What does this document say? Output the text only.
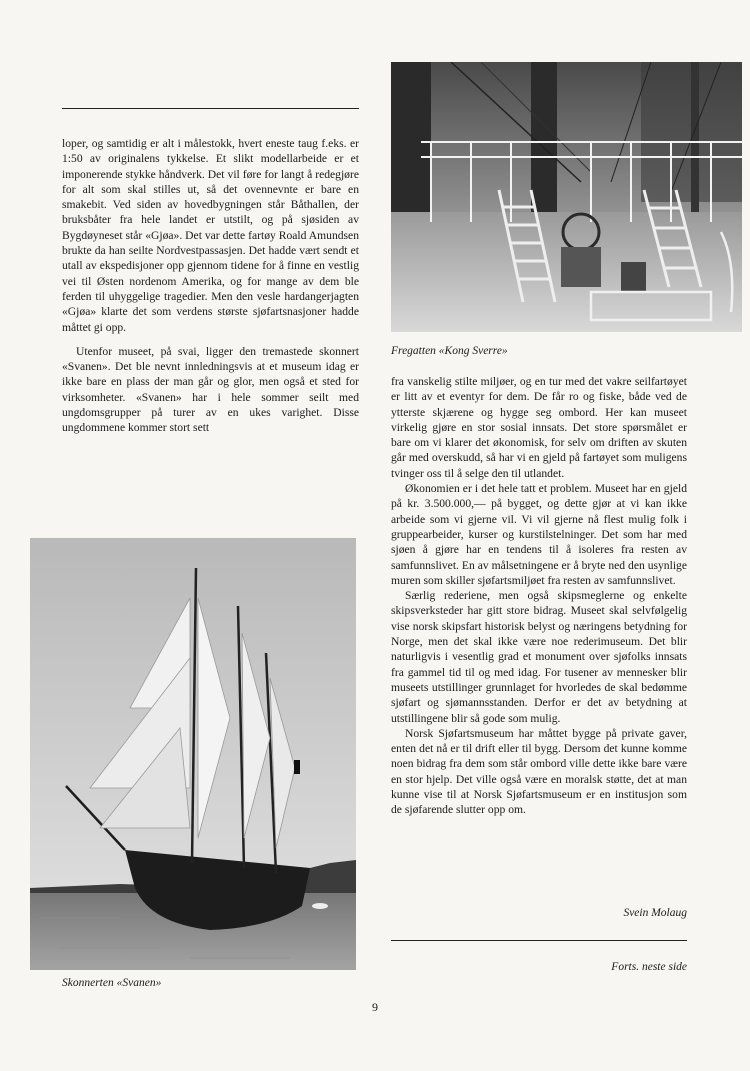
loper, og samtidig er alt i målestokk, hvert eneste taug f.eks. er 1:50 av originalens tykkelse. Et slikt modellarbeide er et imponerende stykke håndverk. Det vil føre for langt å redegjøre for alt som skal stilles ut, så det ovennevnte er bare en smakebit. Ved siden av hovedbygningen står Båthallen, der bruksbåter fra hele landet er utstilt, og på sjøsiden av Bygdøyneset står «Gjøa». Det var dette fartøy Roald Amundsen brukte da han seilte Nordvestpassasjen. Det hadde vært sendt et utall av ekspedisjoner opp gjennom tidene for å finne en vestlig vei til Østen nordenom Amerika, og for mange av dem ble ferden til uhyggelige tragedier. Men den vesle hardangerjagten «Gjøa» klarte det som verdens største sjøfartsnasjoner hadde måttet gi opp.

Utenfor museet, på svai, ligger den tremastede skonnert «Svanen». Det ble nevnt innledningsvis at et museum idag er ikke bare en plass der man går og glor, men også et sted for virksomheter. «Svanen» har i hele sommer seilt med ungdomsgrupper på turer av en ukes varighet. Disse ungdommene kommer stort sett

Fregatten «Kong Sverre»

fra vanskelig stilte miljøer, og en tur med det vakre seilfartøyet er litt av et eventyr for dem. De får ro og fiske, både ved de ytterste skjærene og hygge seg ombord. Her kan museet virkelig gjøre en stor sosial innsats. Det store spørsmålet er bare om vi klarer det økonomisk, for selv om driften av skuten går med overskudd, så har vi en gjeld på fartøyet som muligens tvinger oss til å selge den til utlandet.

Økonomien er i det hele tatt et problem. Museet har en gjeld på kr. 3.500.000,— på bygget, og dette gjør at vi kan ikke arbeide som vi gjerne vil. Vi vil gjerne nå flest mulig folk i gruppearbeider, kurser og kurstilstelninger. Det som har med sjøen å gjøre har en tendens til å isoleres fra resten av samfunnslivet. En av målsetningene er å bryte ned den usynlige muren som skiller sjøfartsmiljøet fra resten av samfunnslivet.

Særlig rederiene, men også skipsmeglerne og enkelte skipsverksteder har gitt store bidrag. Museet skal selvfølgelig vise norsk skipsfart historisk belyst og næringens betydning for Norge, men det skal ikke være noe rederimuseum. Det blir naturligvis i vesentlig grad et monument over sjøfolks innsats fra gammel tid til og med idag. For tusener av mennesker blir museets utstillinger grunnlaget for hvorledes de skal bedømme sjøfart og sjømannsstanden. Derfor er det av betydning at utstillingene blir så gode som mulig.

Norsk Sjøfartsmuseum har måttet bygge på private gaver, enten det nå er til drift eller til bygg. Dersom det kunne komme noen bidrag fra dem som står ombord ville dette ikke bare være en stor hjelp. Det ville også være en moralsk støtte, det at man kunne vise til at Norsk Sjøfartsmuseum er en institusjon som de sjøfarende slutter opp om.

Svein Molaug
Forts. neste side
Skonnerten «Svanen»
9
